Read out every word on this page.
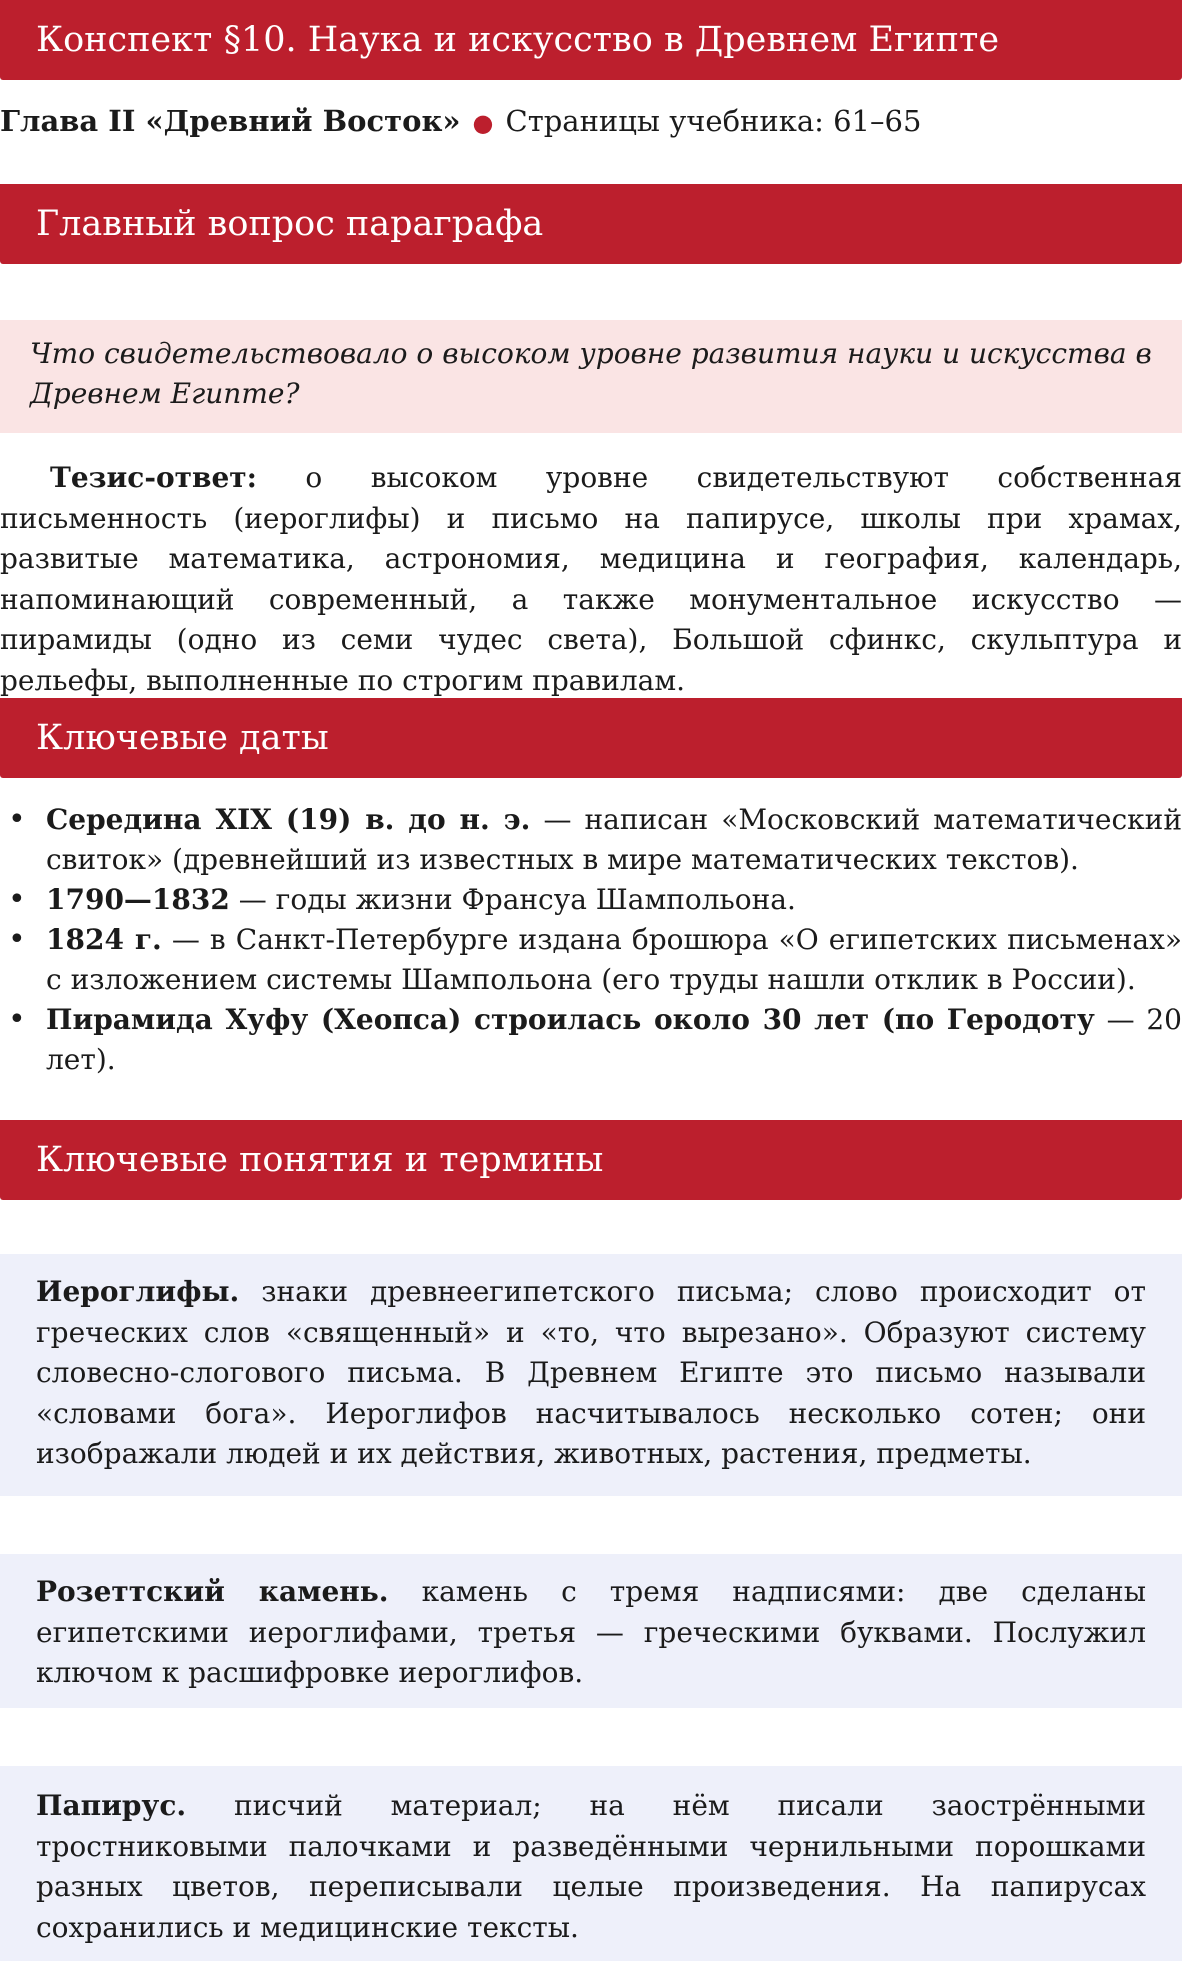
Конспект §10. Наука и искусство в Древнем Египте
Глава II «Древний Восток» ● Страницы учебника: 61–65
Главный вопрос параграфа
Что свидетельствовало о высоком уровне развития науки и искусства в Древнем Египте?
Тезис-ответ: о высоком уровне свидетельствуют собственная письменность (иероглифы) и письмо на папирусе, школы при храмах, развитые математика, астрономия, медицина и география, календарь, напоминающий современный, а также монументальное искусство — пирамиды (одно из семи чудес света), Большой сфинкс, скульптура и рельефы, выполненные по строгим правилам.
Ключевые даты
• Середина XIX (19) в. до н. э. — написан «Московский математический свиток» (древнейший из известных в мире математических текстов).
• 1790—1832 — годы жизни Франсуа Шампольона.
• 1824 г. — в Санкт-Петербурге издана брошюра «О египетских письменах» с изложением системы Шампольона (его труды нашли отклик в России).
• Пирамида Хуфу (Хеопса) строилась около 30 лет (по Геродоту — 20 лет).
Ключевые понятия и термины

Иероглифы. знаки древнеегипетского письма; слово происходит от греческих слов «священный» и «то, что вырезано». Образуют систему словесно-слогового письма. В Древнем Египте это письмо называли «словами бога». Иероглифов насчитывалось несколько сотен; они изображали людей и их действия, животных, растения, предметы.

Розеттский камень. камень с тремя надписями: две сделаны египетскими иероглифами, третья — греческими буквами. Послужил ключом к расшифровке иероглифов.

Папирус. писчий материал; на нём писали заострёнными тростниковыми палочками и разведёнными чернильными порошками разных цветов, переписывали целые произведения. На папирусах сохранились и медицинские тексты.
